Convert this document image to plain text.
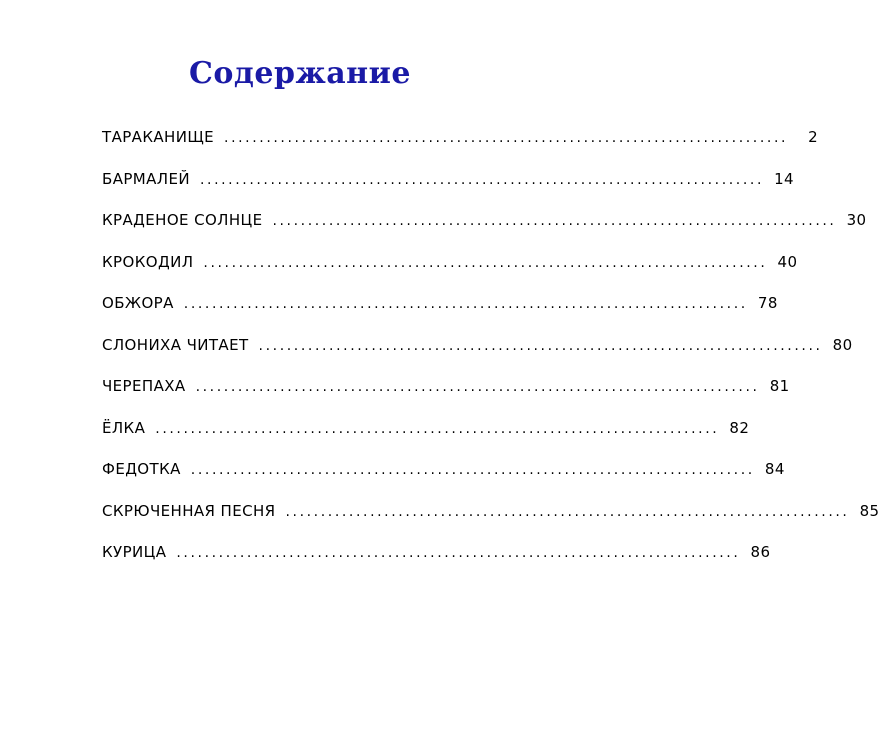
Содержание
ТАРАКАНИЩЕ ................................................................................	2
БАРМАЛЕЙ ................................................................................ 14
КРАДЕНОЕ СОЛНЦЕ ................................................................................ 30
КРОКОДИЛ ................................................................................ 40
ОБЖОРА ................................................................................ 78
СЛОНИХА ЧИТАЕТ ................................................................................ 80
ЧЕРЕПАХА ................................................................................ 81
ЁЛКА ................................................................................ 82
ФЕДОТКА ................................................................................ 84
СКРЮЧЕННАЯ ПЕСНЯ ................................................................................ 85
КУРИЦА ................................................................................ 86
